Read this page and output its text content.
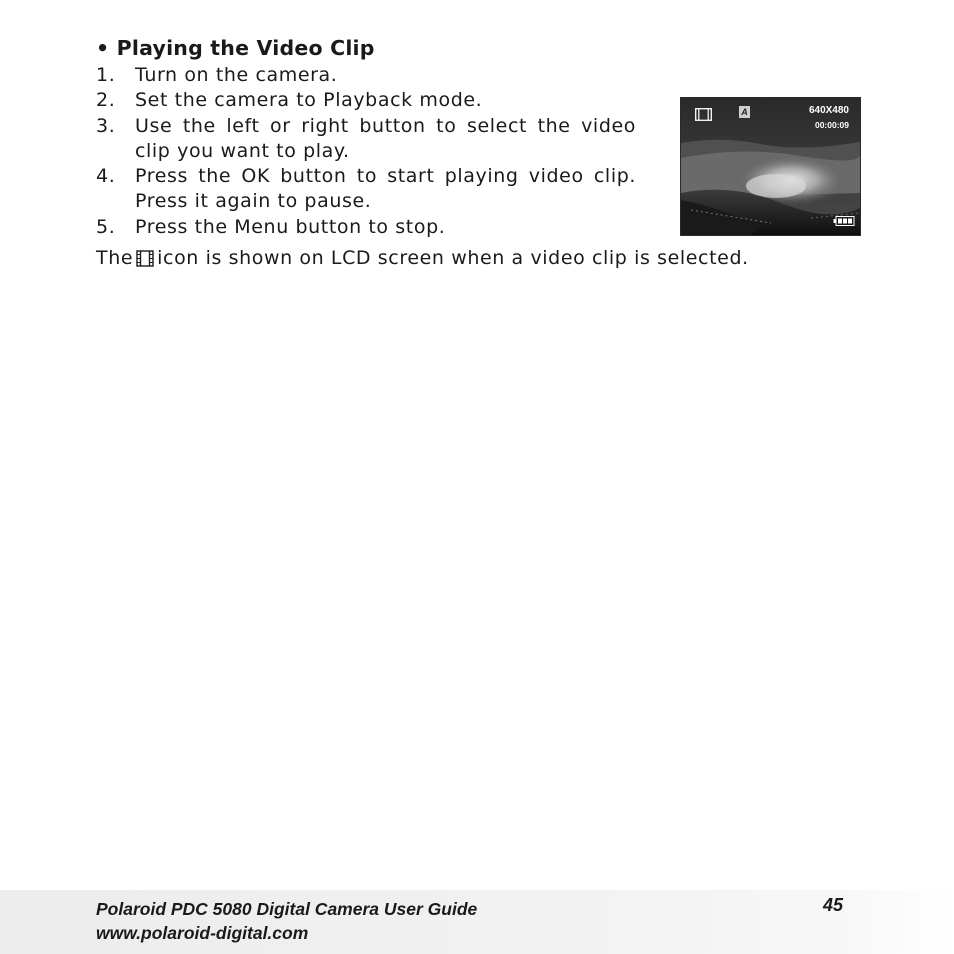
• Playing the Video Clip
1.	Turn on the camera.
2.	Set the camera to Playback mode.
3.	Use the left or right button to select the video clip you want to play.
4.	Press the OK button to start playing video clip. Press it again to pause.
5.	Press the Menu button to stop.
The icon is shown on LCD screen when a video clip is selected.
A	640X480
00:00:09
Polaroid PDC 5080 Digital Camera User Guide
www.polaroid-digital.com
45
